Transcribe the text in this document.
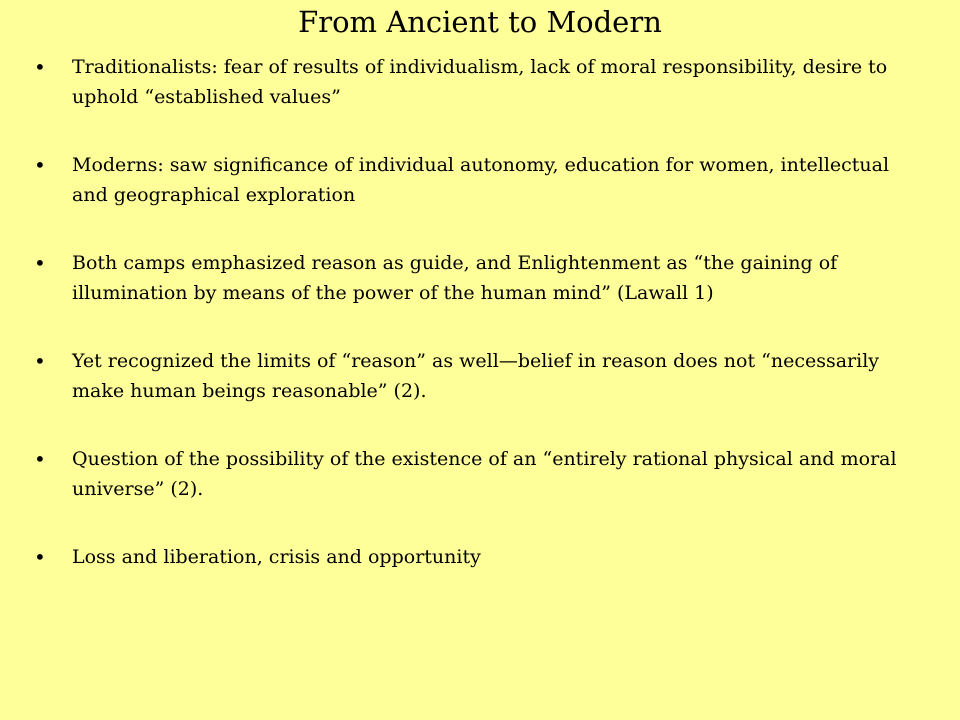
From Ancient to Modern
•	Traditionalists: fear of results of individualism, lack of moral responsibility, desire to uphold “established values”
•	Moderns: saw significance of individual autonomy, education for women, intellectual and geographical exploration
•	Both camps emphasized reason as guide, and Enlightenment as “the gaining of illumination by means of the power of the human mind” (Lawall 1)
•	Yet recognized the limits of “reason” as well—belief in reason does not “necessarily make human beings reasonable” (2).
•	Question of the possibility of the existence of an “entirely rational physical and moral universe” (2).
•	Loss and liberation, crisis and opportunity
